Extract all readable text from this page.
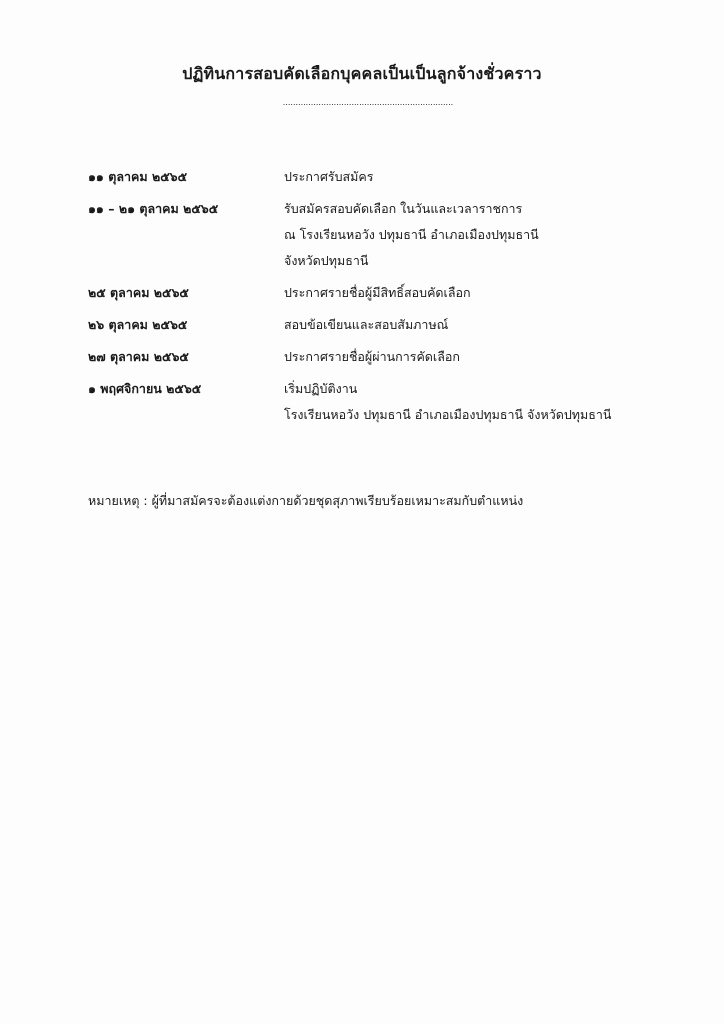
ปฏิทินการสอบคัดเลือกบุคคลเป็นเป็นลูกจ้างชั่วคราว
...................................................................
๑๑ ตุลาคม ๒๕๖๕	ประกาศรับสมัคร
๑๑ – ๒๑ ตุลาคม ๒๕๖๕	รับสมัครสอบคัดเลือก ในวันและเวลาราชการ
ณ โรงเรียนหอวัง ปทุมธานี อำเภอเมืองปทุมธานี
จังหวัดปทุมธานี
๒๕ ตุลาคม ๒๕๖๕	ประกาศรายชื่อผู้มีสิทธิ์สอบคัดเลือก
๒๖ ตุลาคม ๒๕๖๕	สอบข้อเขียนและสอบสัมภาษณ์
๒๗ ตุลาคม ๒๕๖๕	ประกาศรายชื่อผู้ผ่านการคัดเลือก
๑ พฤศจิกายน ๒๕๖๕	เริ่มปฏิบัติงาน
โรงเรียนหอวัง ปทุมธานี อำเภอเมืองปทุมธานี จังหวัดปทุมธานี
หมายเหตุ : ผู้ที่มาสมัครจะต้องแต่งกายด้วยชุดสุภาพเรียบร้อยเหมาะสมกับตำแหน่ง
